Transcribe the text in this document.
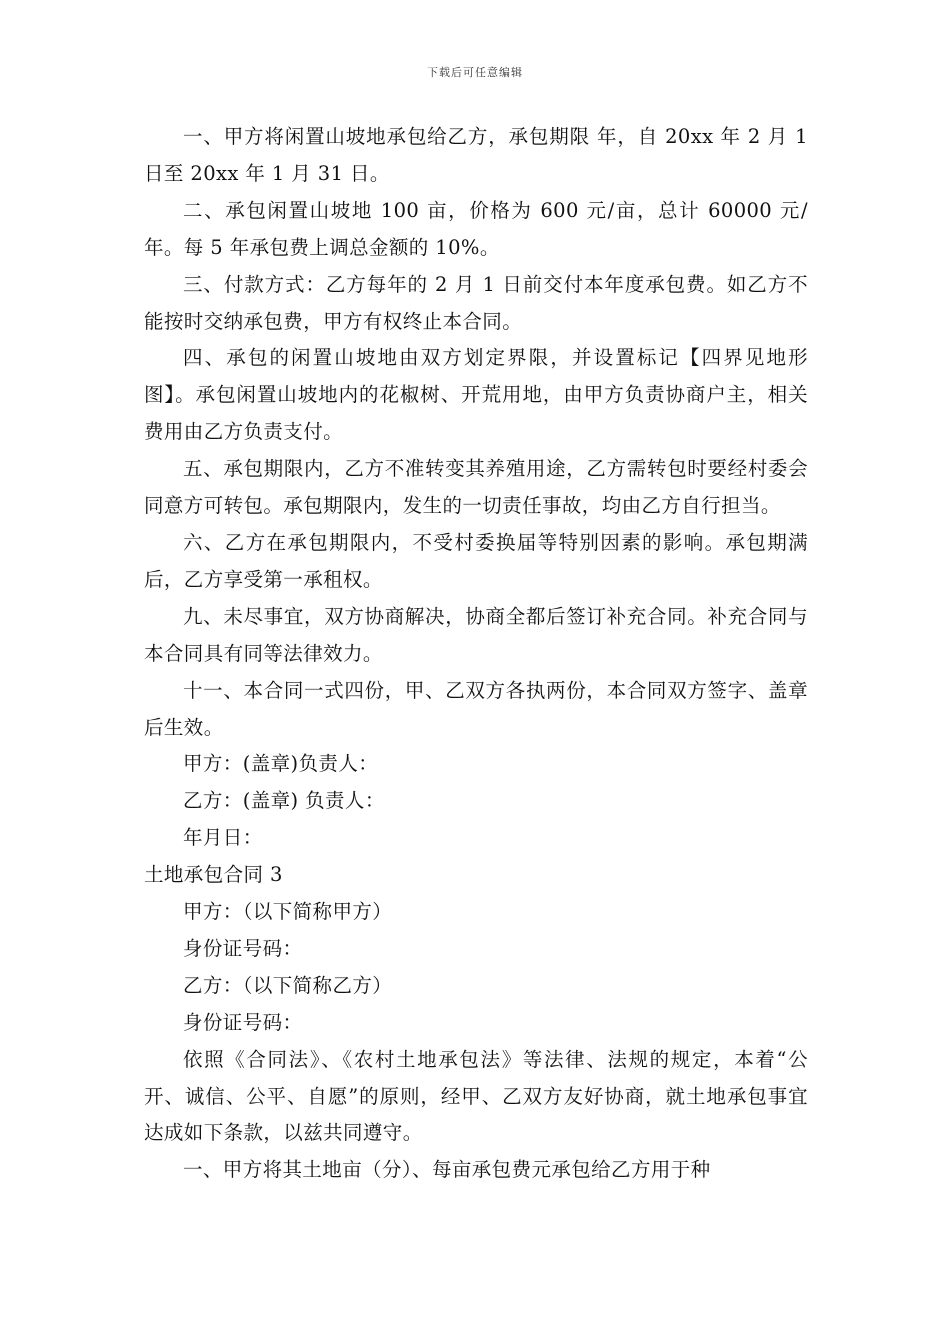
下载后可任意编辑

一、甲方将闲置山坡地承包给乙方，承包期限 年，自 20xx 年 2 月 1 日至 20xx 年 1 月 31 日。

二、承包闲置山坡地 100 亩，价格为 600 元/亩，总计 60000 元/年。每 5 年承包费上调总金额的 10%。

三、付款方式：乙方每年的 2 月 1 日前交付本年度承包费。如乙方不能按时交纳承包费，甲方有权终止本合同。

四、承包的闲置山坡地由双方划定界限，并设置标记【四界见地形图】。承包闲置山坡地内的花椒树、开荒用地，由甲方负责协商户主，相关费用由乙方负责支付。

五、承包期限内，乙方不准转变其养殖用途，乙方需转包时要经村委会同意方可转包。承包期限内，发生的一切责任事故，均由乙方自行担当。

六、乙方在承包期限内，不受村委换届等特别因素的影响。承包期满后，乙方享受第一承租权。

九、未尽事宜，双方协商解决，协商全都后签订补充合同。补充合同与本合同具有同等法律效力。

十一、本合同一式四份，甲、乙双方各执两份，本合同双方签字、盖章后生效。

甲方：(盖章)负责人：

乙方：(盖章) 负责人：

年月日：

土地承包合同 3

甲方：（以下简称甲方）

身份证号码：

乙方：（以下简称乙方）

身份证号码：

依照《合同法》、《农村土地承包法》等法律、法规的规定，本着“公开、诚信、公平、自愿”的原则，经甲、乙双方友好协商，就土地承包事宜达成如下条款，以兹共同遵守。

一、甲方将其土地亩（分）、每亩承包费元承包给乙方用于种
